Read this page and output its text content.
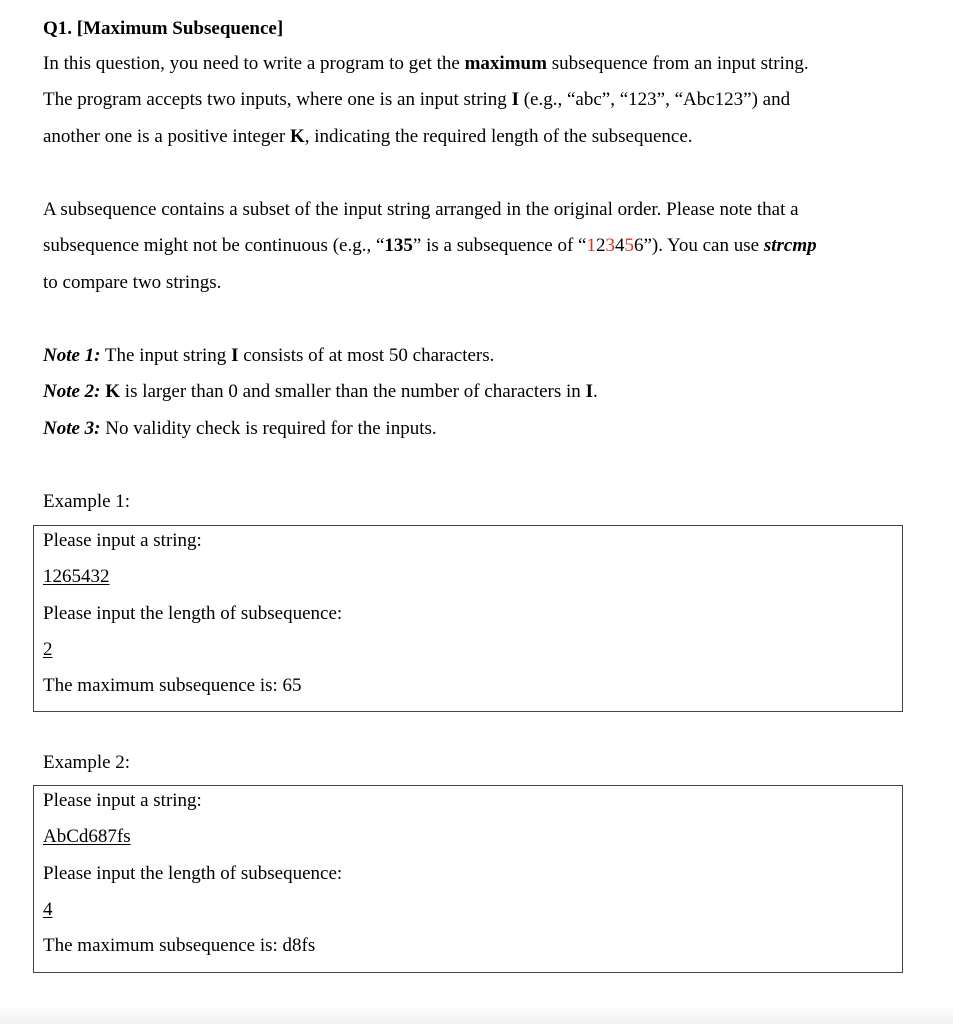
Q1. [Maximum Subsequence]
In this question, you need to write a program to get the maximum subsequence from an input string.
The program accepts two inputs, where one is an input string I (e.g., “abc”, “123”, “Abc123”) and
another one is a positive integer K, indicating the required length of the subsequence.
A subsequence contains a subset of the input string arranged in the original order. Please note that a
subsequence might not be continuous (e.g., “135” is a subsequence of “123456”). You can use strcmp
to compare two strings.
Note 1: The input string I consists of at most 50 characters.
Note 2: K is larger than 0 and smaller than the number of characters in I.
Note 3: No validity check is required for the inputs.
Example 1:
Please input a string:
1265432
Please input the length of subsequence:
2
The maximum subsequence is: 65
Example 2:
Please input a string:
AbCd687fs
Please input the length of subsequence:
4
The maximum subsequence is: d8fs
